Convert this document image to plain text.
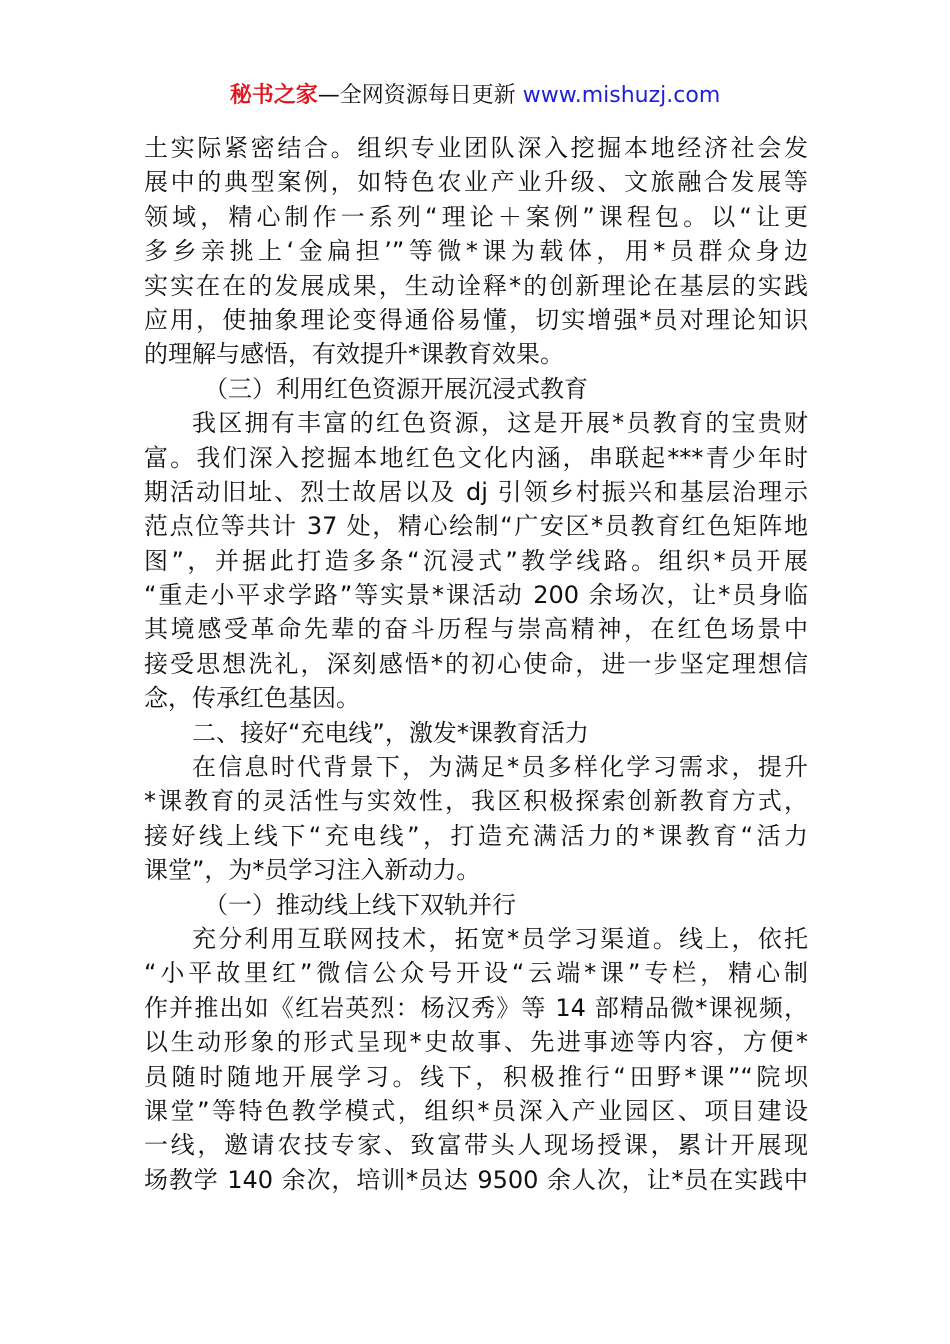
秘书之家—全网资源每日更新 www.mishuzj.com
土实际紧密结合。组织专业团队深入挖掘本地经济社会发
展中的典型案例，如特色农业产业升级、文旅融合发展等
领域，精心制作一系列“理论＋案例”课程包。以“让更
多乡亲挑上‘金扁担’”等微*课为载体，用*员群众身边
实实在在的发展成果，生动诠释*的创新理论在基层的实践
应用，使抽象理论变得通俗易懂，切实增强*员对理论知识
的理解与感悟，有效提升*课教育效果。
（三）利用红色资源开展沉浸式教育
我区拥有丰富的红色资源，这是开展*员教育的宝贵财
富。我们深入挖掘本地红色文化内涵，串联起***青少年时
期活动旧址、烈士故居以及 dj 引领乡村振兴和基层治理示
范点位等共计 37 处，精心绘制“广安区*员教育红色矩阵地
图”，并据此打造多条“沉浸式”教学线路。组织*员开展
“重走小平求学路”等实景*课活动 200 余场次，让*员身临
其境感受革命先辈的奋斗历程与崇高精神，在红色场景中
接受思想洗礼，深刻感悟*的初心使命，进一步坚定理想信
念，传承红色基因。
二、接好“充电线”，激发*课教育活力
在信息时代背景下，为满足*员多样化学习需求，提升
*课教育的灵活性与实效性，我区积极探索创新教育方式，
接好线上线下“充电线”，打造充满活力的*课教育“活力
课堂”，为*员学习注入新动力。
（一）推动线上线下双轨并行
充分利用互联网技术，拓宽*员学习渠道。线上，依托
“小平故里红”微信公众号开设“云端*课”专栏，精心制
作并推出如《红岩英烈：杨汉秀》等 14 部精品微*课视频，
以生动形象的形式呈现*史故事、先进事迹等内容，方便*
员随时随地开展学习。线下，积极推行“田野*课”“院坝
课堂”等特色教学模式，组织*员深入产业园区、项目建设
一线，邀请农技专家、致富带头人现场授课，累计开展现
场教学 140 余次，培训*员达 9500 余人次，让*员在实践中
